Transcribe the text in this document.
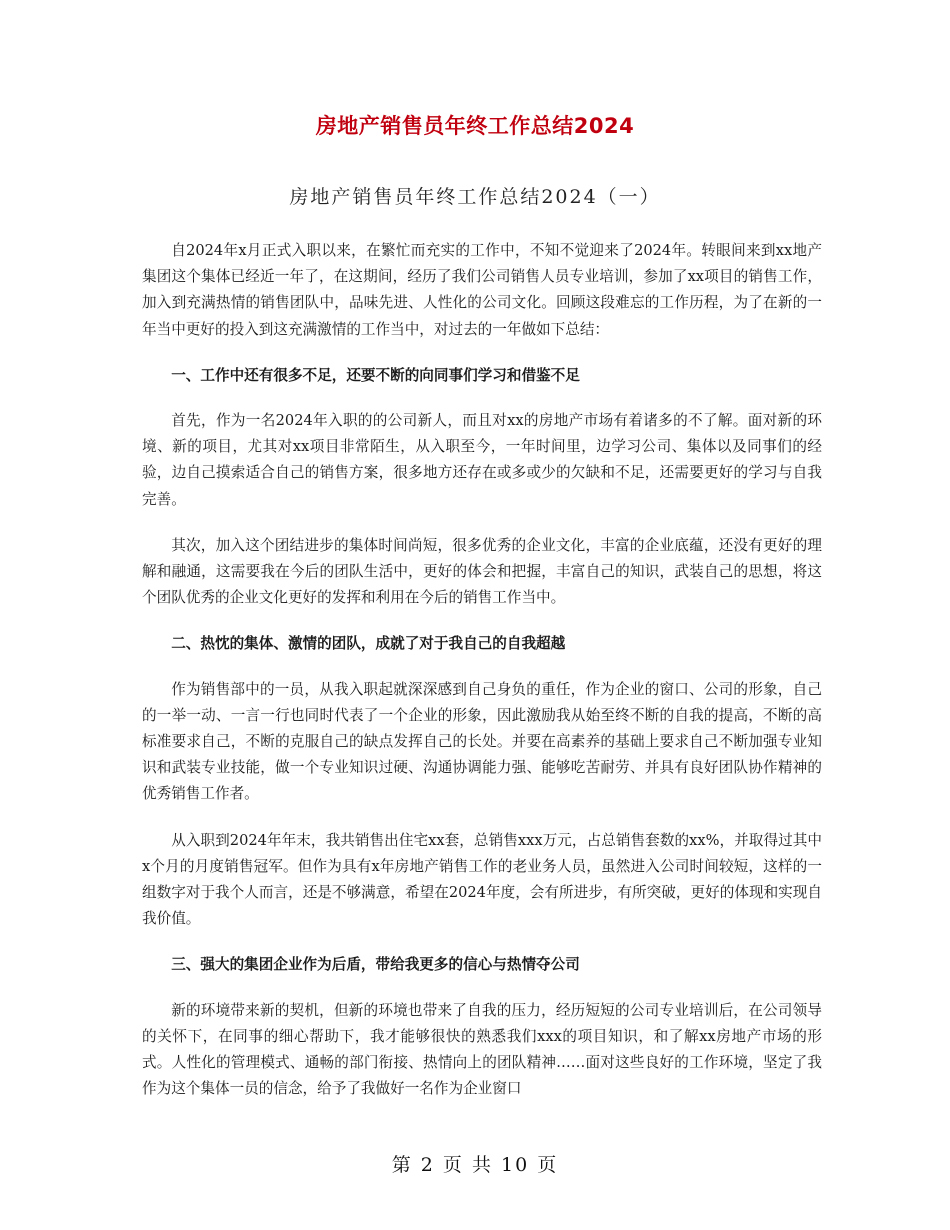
房地产销售员年终工作总结2024
房地产销售员年终工作总结2024（一）

自2024年x月正式入职以来，在繁忙而充实的工作中，不知不觉迎来了2024年。转眼间来到xx地产集团这个集体已经近一年了，在这期间，经历了我们公司销售人员专业培训，参加了xx项目的销售工作，加入到充满热情的销售团队中，品味先进、人性化的公司文化。回顾这段难忘的工作历程，为了在新的一年当中更好的投入到这充满激情的工作当中，对过去的一年做如下总结：

一、工作中还有很多不足，还要不断的向同事们学习和借鉴不足

首先，作为一名2024年入职的的公司新人，而且对xx的房地产市场有着诸多的不了解。面对新的环境、新的项目，尤其对xx项目非常陌生，从入职至今，一年时间里，边学习公司、集体以及同事们的经验，边自己摸索适合自己的销售方案，很多地方还存在或多或少的欠缺和不足，还需要更好的学习与自我完善。

其次，加入这个团结进步的集体时间尚短，很多优秀的企业文化，丰富的企业底蕴，还没有更好的理解和融通，这需要我在今后的团队生活中，更好的体会和把握，丰富自己的知识，武装自己的思想，将这个团队优秀的企业文化更好的发挥和利用在今后的销售工作当中。

二、热忱的集体、激情的团队，成就了对于我自己的自我超越

作为销售部中的一员，从我入职起就深深感到自己身负的重任，作为企业的窗口、公司的形象，自己的一举一动、一言一行也同时代表了一个企业的形象，因此激励我从始至终不断的自我的提高，不断的高标准要求自己，不断的克服自己的缺点发挥自己的长处。并要在高素养的基础上要求自己不断加强专业知识和武装专业技能，做一个专业知识过硬、沟通协调能力强、能够吃苦耐劳、并具有良好团队协作精神的优秀销售工作者。

从入职到2024年年末，我共销售出住宅xx套，总销售xxx万元，占总销售套数的xx%，并取得过其中x个月的月度销售冠军。但作为具有x年房地产销售工作的老业务人员，虽然进入公司时间较短，这样的一组数字对于我个人而言，还是不够满意，希望在2024年度，会有所进步，有所突破，更好的体现和实现自我价值。

三、强大的集团企业作为后盾，带给我更多的信心与热情夺公司

新的环境带来新的契机，但新的环境也带来了自我的压力，经历短短的公司专业培训后，在公司领导的关怀下，在同事的细心帮助下，我才能够很快的熟悉我们xxx的项目知识，和了解xx房地产市场的形式。人性化的管理模式、通畅的部门衔接、热情向上的团队精神……面对这些良好的工作环境，坚定了我作为这个集体一员的信念，给予了我做好一名作为企业窗口

第 2 页 共 10 页
